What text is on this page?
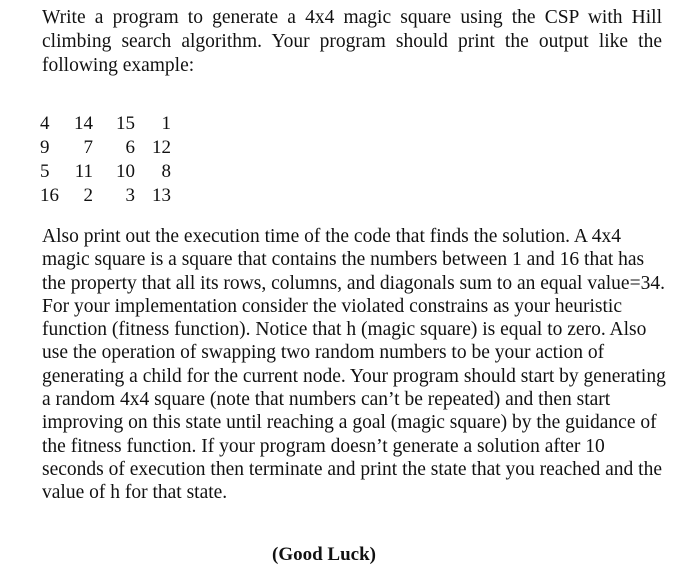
Write a program to generate a 4x4 magic square using the CSP with Hill climbing search algorithm. Your program should print the output like the following example:

4	14	15	1
9	7	6	12
5	11	10	8
16	2	3	13

Also print out the execution time of the code that finds the solution. A 4x4 magic square is a square that contains the numbers between 1 and 16 that has the property that all its rows, columns, and diagonals sum to an equal value=34. For your implementation consider the violated constrains as your heuristic function (fitness function). Notice that h (magic square) is equal to zero. Also use the operation of swapping two random numbers to be your action of generating a child for the current node. Your program should start by generating a random 4x4 square (note that numbers can’t be repeated) and then start improving on this state until reaching a goal (magic square) by the guidance of the fitness function. If your program doesn’t generate a solution after 10 seconds of execution then terminate and print the state that you reached and the value of h for that state.

(Good Luck)
